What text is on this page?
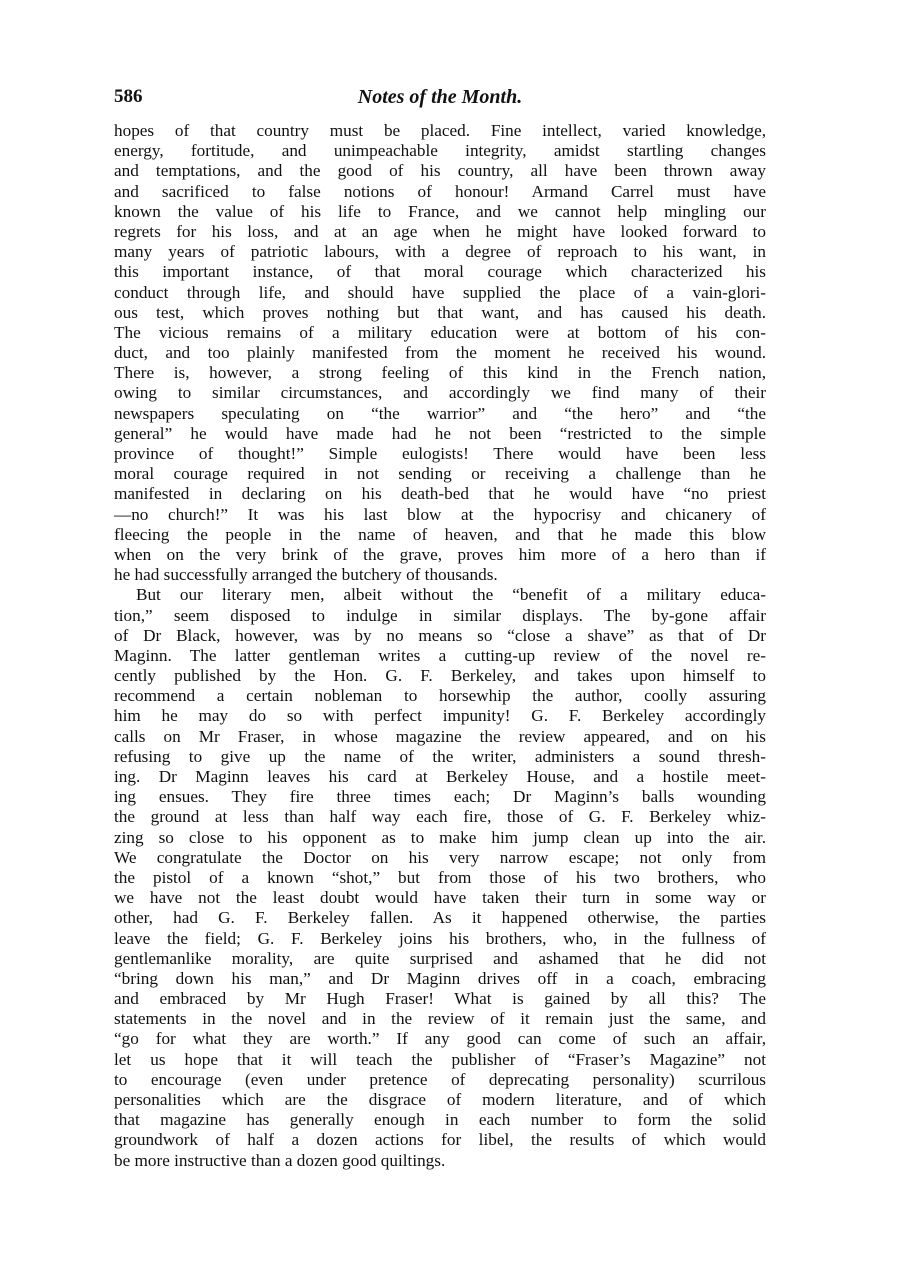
586	Notes of the Month.
hopes of that country must be placed. Fine intellect, varied knowledge,
energy, fortitude, and unimpeachable integrity, amidst startling changes
and temptations, and the good of his country, all have been thrown away
and sacrificed to false notions of honour! Armand Carrel must have
known the value of his life to France, and we cannot help mingling our
regrets for his loss, and at an age when he might have looked forward to
many years of patriotic labours, with a degree of reproach to his want, in
this important instance, of that moral courage which characterized his
conduct through life, and should have supplied the place of a vain-glori-
ous test, which proves nothing but that want, and has caused his death.
The vicious remains of a military education were at bottom of his con-
duct, and too plainly manifested from the moment he received his wound.
There is, however, a strong feeling of this kind in the French nation,
owing to similar circumstances, and accordingly we find many of their
newspapers speculating on “the warrior” and “the hero” and “the
general” he would have made had he not been “restricted to the simple
province of thought!” Simple eulogists! There would have been less
moral courage required in not sending or receiving a challenge than he
manifested in declaring on his death-bed that he would have “no priest
—no church!” It was his last blow at the hypocrisy and chicanery of
fleecing the people in the name of heaven, and that he made this blow
when on the very brink of the grave, proves him more of a hero than if
he had successfully arranged the butchery of thousands.
But our literary men, albeit without the “benefit of a military educa-
tion,” seem disposed to indulge in similar displays. The by-gone affair
of Dr Black, however, was by no means so “close a shave” as that of Dr
Maginn. The latter gentleman writes a cutting-up review of the novel re-
cently published by the Hon. G. F. Berkeley, and takes upon himself to
recommend a certain nobleman to horsewhip the author, coolly assuring
him he may do so with perfect impunity! G. F. Berkeley accordingly
calls on Mr Fraser, in whose magazine the review appeared, and on his
refusing to give up the name of the writer, administers a sound thresh-
ing. Dr Maginn leaves his card at Berkeley House, and a hostile meet-
ing ensues. They fire three times each; Dr Maginn’s balls wounding
the ground at less than half way each fire, those of G. F. Berkeley whiz-
zing so close to his opponent as to make him jump clean up into the air.
We congratulate the Doctor on his very narrow escape; not only from
the pistol of a known “shot,” but from those of his two brothers, who
we have not the least doubt would have taken their turn in some way or
other, had G. F. Berkeley fallen. As it happened otherwise, the parties
leave the field; G. F. Berkeley joins his brothers, who, in the fullness of
gentlemanlike morality, are quite surprised and ashamed that he did not
“bring down his man,” and Dr Maginn drives off in a coach, embracing
and embraced by Mr Hugh Fraser! What is gained by all this? The
statements in the novel and in the review of it remain just the same, and
“go for what they are worth.” If any good can come of such an affair,
let us hope that it will teach the publisher of “Fraser’s Magazine” not
to encourage (even under pretence of deprecating personality) scurrilous
personalities which are the disgrace of modern literature, and of which
that magazine has generally enough in each number to form the solid
groundwork of half a dozen actions for libel, the results of which would
be more instructive than a dozen good quiltings.
